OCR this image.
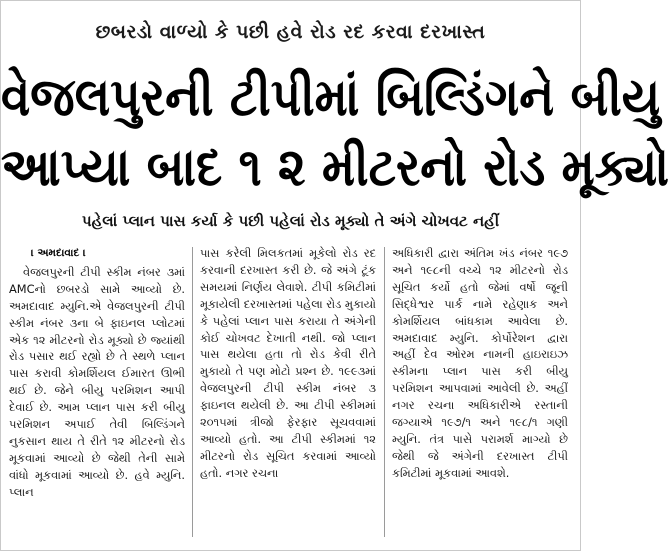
છબરડો વાળ્યો કે પછી હવે રોડ રદ કરવા દરખાસ્ત
વેજલપુરની ટીપીમાં બિલ્ડિંગને બીયુ
આપ્યા બાદ ૧ ૨ મીટરનો રોડ મૂક્યો
પહેલાં પ્લાન પાસ કર્યા કે પછી પહેલાં રોડ મૂક્યો તે અંગે ચોખવટ નહીં
। અમદાવાદ ।

વેજલપુરની ટીપી સ્કીમ નંબર ૩માં AMCનો છબરડો સામે આવ્યો છે. અમદાવાદ મ્યુનિ.એ વેજલપુરની ટીપી સ્કીમ નંબર ૩ના બે ફાઇનલ પ્લોટમાં એક ૧૨ મીટરનો રોડ મૂક્યો છે જ્યાંથી રોડ પસાર થઈ રહ્યો છે તે સ્થળે પ્લાન પાસ કરાવી કોમર્શિયલ ઈમારત ઊભી થઈ છે. જેને બીયુ પરમિશન આપી દેવાઈ છે. આમ પ્લાન પાસ કરી બીયુ પરમિશન અપાઈ તેવી બિલ્ડિંગને નુકસાન થાય તે રીતે ૧૨ મીટરનો રોડ મૂકવામાં આવ્યો છે જેથી તેની સામે વાંધો મૂકવામાં આવ્યો છે. હવે મ્યુનિ. પ્લાન

પાસ કરેલી મિલકતમાં મૂકેલો રોડ રદ કરવાની દરખાસ્ત કરી છે. જે અંગે ટૂંક સમયમાં નિર્ણય લેવાશે. ટીપી કમિટીમાં મૂકાયેલી દરખાસ્તમાં પહેલા રોડ મુકાયો કે પહેલાં પ્લાન પાસ કરાયા તે અંગેની કોઈ ચોખવટ દેખાતી નથી. જો પ્લાન પાસ થયેલા હતા તો રોડ કેવી રીતે મુકાયો તે પણ મોટો પ્રશ્ન છે. ૧૯૯૩માં વેજલપુરની ટીપી સ્કીમ નંબર ૩ ફાઇનલ થયેલી છે. આ ટીપી સ્કીમમાં ૨૦૧૫માં ત્રીજો ફેરફાર સૂચવવામાં આવ્યો હતો. આ ટીપી સ્કીમમાં ૧૨ મીટરનો રોડ સૂચિત કરવામાં આવ્યો હતો. નગર રચના

અધિકારી દ્વારા અંતિમ ખંડ નંબર ૧૯૭ અને ૧૯૮ની વચ્ચે ૧૨ મીટરનો રોડ સૂચિત કર્યો હતો જેમાં વર્ષો જૂની સિદ્ધેશ્વર પાર્ક નામે રહેણાક અને કોમર્શિયલ બાંધકામ આવેલા છે. અમદાવાદ મ્યુનિ. કોર્પોરેશન દ્વારા અહીં દેવ ઓરમ નામની હાઇરાઇઝ સ્કીમના પ્લાન પાસ કરી બીયુ પરમિશન આપવામાં આવેલી છે. અહીં નગર રચના અધિકારીએ રસ્તાની જગ્યાએ ૧૯૭/૧ અને ૧૯૮/૧ ગણી મ્યુનિ. તંત્ર પાસે પરામર્શ માગ્યો છે જેથી જે અંગેની દરખાસ્ત ટીપી કમિટીમાં મૂકવામાં આવશે.
